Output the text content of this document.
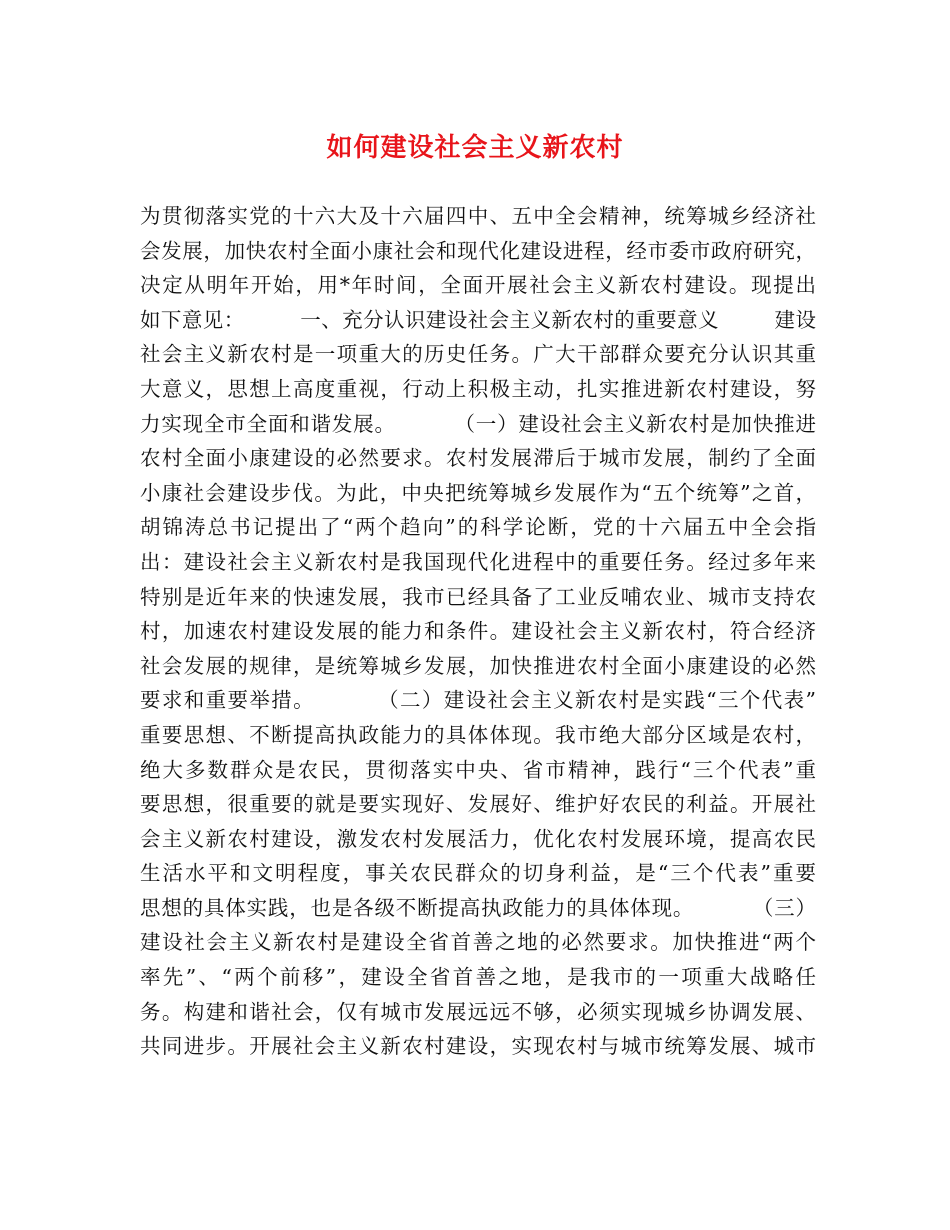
如何建设社会主义新农村
为贯彻落实党的十六大及十六届四中、五中全会精神，统筹城乡经济社
会发展，加快农村全面小康社会和现代化建设进程，经市委市政府研究，
决定从明年开始，用*年时间，全面开展社会主义新农村建设。现提出
如下意见：        一、充分认识建设社会主义新农村的重要意义        建设
社会主义新农村是一项重大的历史任务。广大干部群众要充分认识其重
大意义，思想上高度重视，行动上积极主动，扎实推进新农村建设，努
力实现全市全面和谐发展。        （一）建设社会主义新农村是加快推进
农村全面小康建设的必然要求。农村发展滞后于城市发展，制约了全面
小康社会建设步伐。为此，中央把统筹城乡发展作为“五个统筹”之首，
胡锦涛总书记提出了“两个趋向”的科学论断，党的十六届五中全会指
出：建设社会主义新农村是我国现代化进程中的重要任务。经过多年来
特别是近年来的快速发展，我市已经具备了工业反哺农业、城市支持农
村，加速农村建设发展的能力和条件。建设社会主义新农村，符合经济
社会发展的规律，是统筹城乡发展，加快推进农村全面小康建设的必然
要求和重要举措。        （二）建设社会主义新农村是实践“三个代表”
重要思想、不断提高执政能力的具体体现。我市绝大部分区域是农村，
绝大多数群众是农民，贯彻落实中央、省市精神，践行“三个代表”重
要思想，很重要的就是要实现好、发展好、维护好农民的利益。开展社
会主义新农村建设，激发农村发展活力，优化农村发展环境，提高农民
生活水平和文明程度，事关农民群众的切身利益，是“三个代表”重要
思想的具体实践，也是各级不断提高执政能力的具体体现。        （三）
建设社会主义新农村是建设全省首善之地的必然要求。加快推进“两个
率先”、“两个前移”，建设全省首善之地，是我市的一项重大战略任
务。构建和谐社会，仅有城市发展远远不够，必须实现城乡协调发展、
共同进步。开展社会主义新农村建设，实现农村与城市统筹发展、城市
